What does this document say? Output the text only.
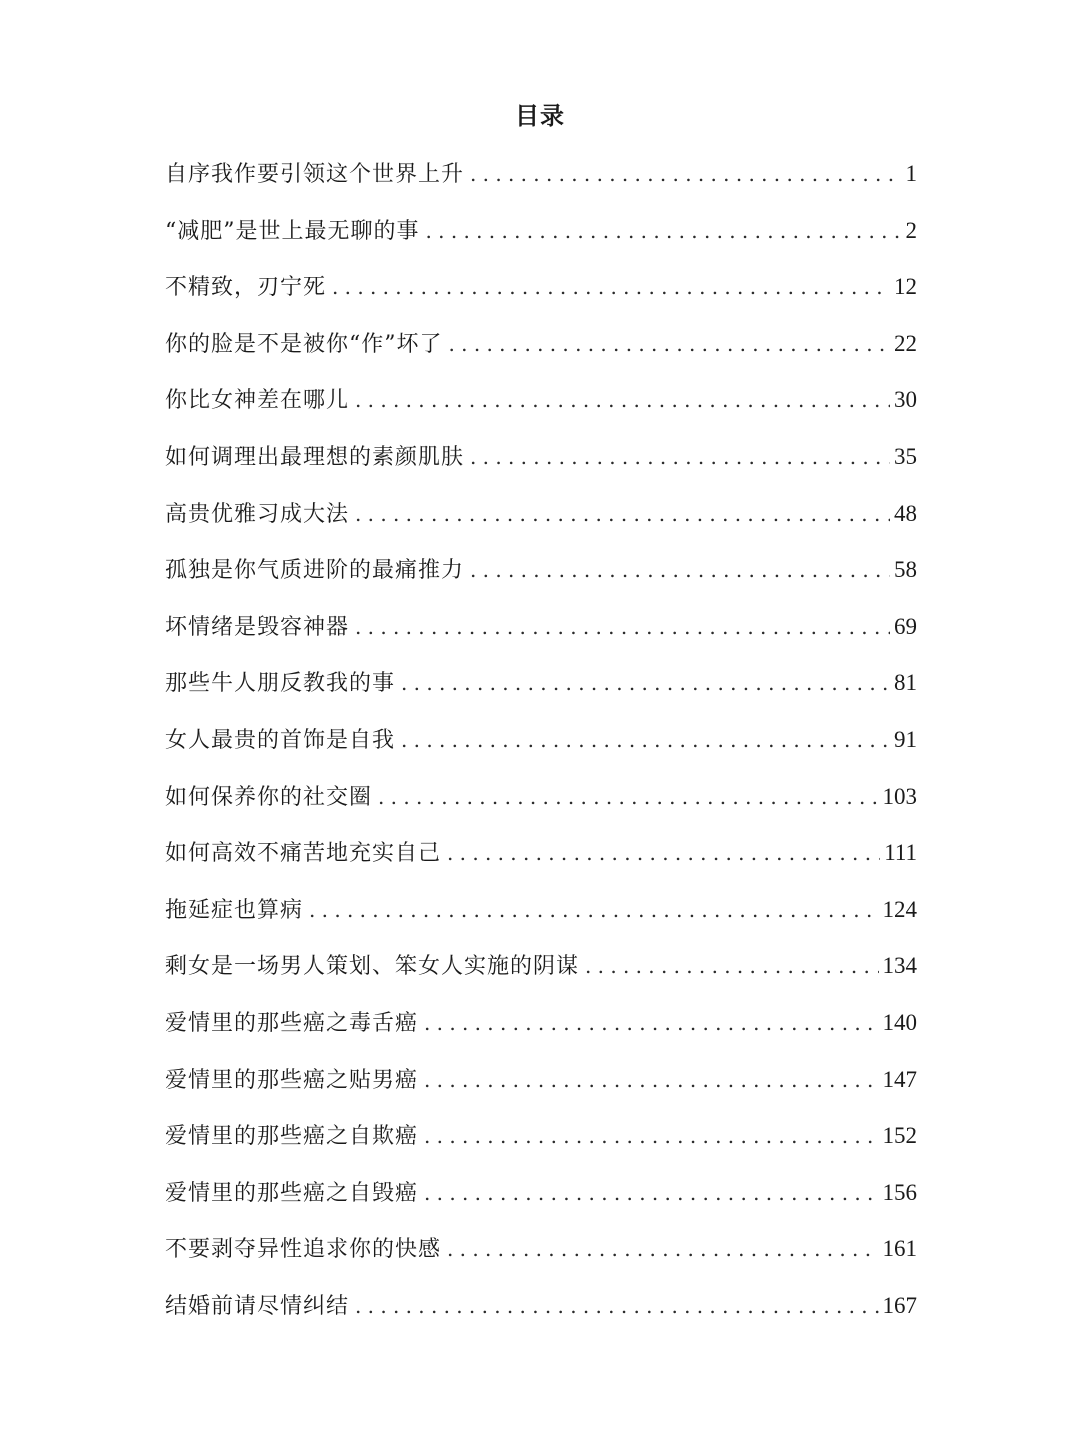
目录
自序我作要引领这个世界上升 .....	1
“减肥”是世上最无聊的事 .....	2
不精致，刃宁死 .....	12
你的脸是不是被你“作”坏了 .....	22
你比女神差在哪儿 .....	30
如何调理出最理想的素颜肌肤 .....	35
高贵优雅习成大法 .....	48
孤独是你气质进阶的最痛推力 .....	58
坏情绪是毁容神器 .....	69
那些牛人朋反教我的事 .....	81
女人最贵的首饰是自我 .....	91
如何保养你的社交圈 .....	103
如何高效不痛苦地充实自己 .....	111
拖延症也算病 .....	124
剩女是一场男人策划、笨女人实施的阴谋 .....	134
爱情里的那些癌之毒舌癌 .....	140
爱情里的那些癌之贴男癌 .....	147
爱情里的那些癌之自欺癌 .....	152
爱情里的那些癌之自毁癌 .....	156
不要剥夺异性追求你的快感 .....	161
结婚前请尽情纠结 .....	167
